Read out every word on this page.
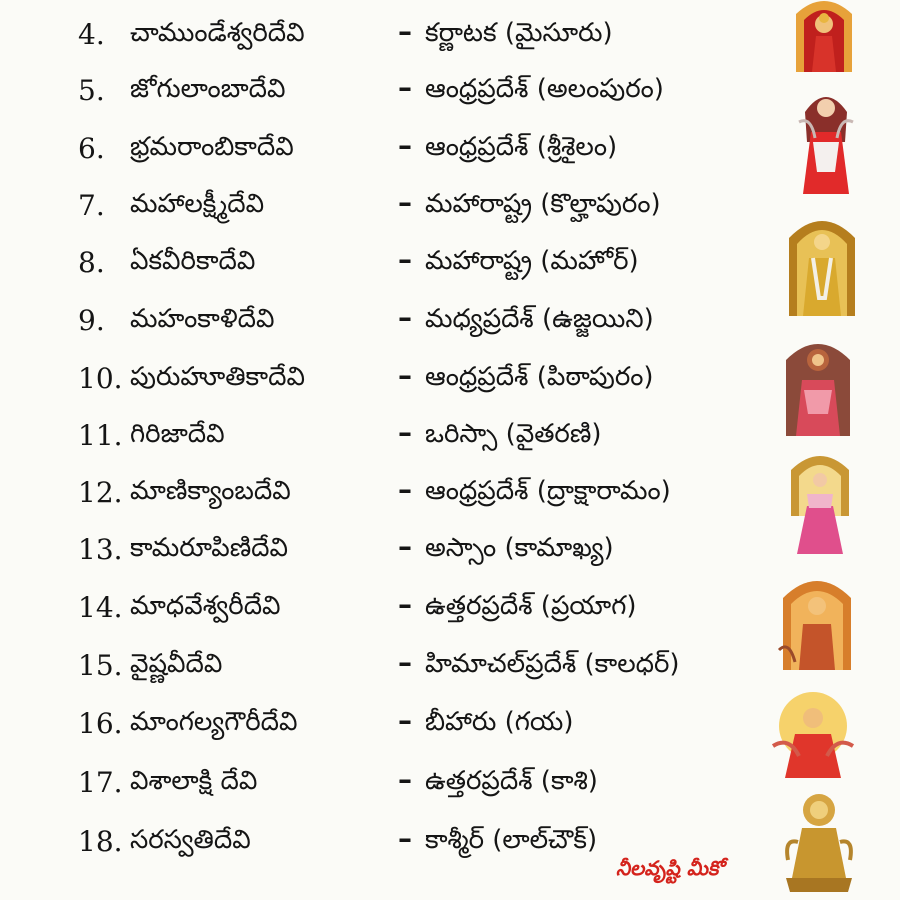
4. చాముండేశ్వరిదేవి	– కర్ణాటక (మైసూరు)
5. జోగులాంబాదేవి	– ఆంధ్రప్రదేశ్ (అలంపురం)
6. భ్రమరాంబికాదేవి	– ఆంధ్రప్రదేశ్ (శ్రీశైలం)
7. మహాలక్ష్మీదేవి	– మహారాష్ట్ర (కొల్హాపురం)
8. ఏకవీరికాదేవి	– మహారాష్ట్ర (మహోర్)
9. మహంకాళిదేవి	– మధ్యప్రదేశ్ (ఉజ్జయిని)
10. పురుహూతికాదేవి	– ఆంధ్రప్రదేశ్ (పిఠాపురం)
11. గిరిజాదేవి	– ఒరిస్సా (వైతరణి)
12. మాణిక్యాంబదేవి	– ఆంధ్రప్రదేశ్ (ద్రాక్షారామం)
13. కామరూపిణిదేవి	– అస్సాం (కామాఖ్య)
14. మాధవేశ్వరీదేవి	– ఉత్తరప్రదేశ్ (ప్రయాగ)
15. వైష్ణవీదేవి	– హిమాచల్‌ప్రదేశ్ (కాలధర్)
16. మాంగల్యగౌరీదేవి	– బీహారు (గయ)
17. విశాలాక్షి దేవి	– ఉత్తరప్రదేశ్ (కాశి)
18. సరస్వతిదేవి	– కాశ్మీర్ (లాల్‌చౌక్)
నీలవృష్టి మీకో
